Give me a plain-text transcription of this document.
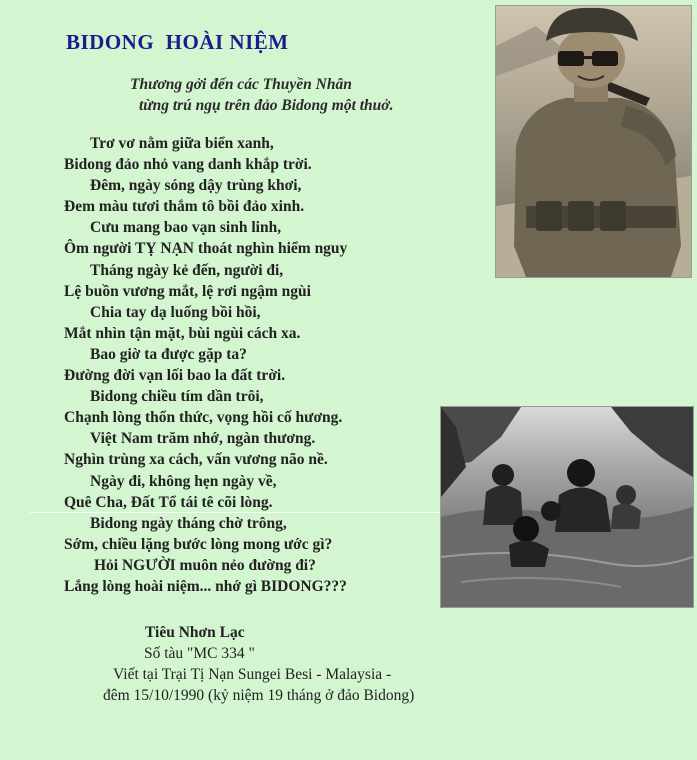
BIDONG  HOÀI NIỆM
Thương gởi đến các Thuyền Nhân
từng trú ngụ trên đảo Bidong một thuở.
Trơ vơ nằm giữa biển xanh,
Bidong đảo nhỏ vang danh khắp trời.
Đêm, ngày sóng dậy trùng khơi,
Đem màu tươi thắm tô bồi đảo xinh.
Cưu mang bao vạn sinh linh,
Ôm người TỴ NẠN thoát nghìn hiểm nguy
Tháng ngày kẻ đến, người đi,
Lệ buồn vương mắt, lệ rơi ngậm ngùi
Chia tay dạ luống bồi hồi,
Mắt nhìn tận mặt, bùi ngùi cách xa.
Bao giờ ta được gặp ta?
Đường đời vạn lối bao la đất trời.
Bidong chiều tím dần trôi,
Chạnh lòng thổn thức, vọng hồi cố hương.
Việt Nam trăm nhớ, ngàn thương.
Nghìn trùng xa cách, vấn vương não nề.
Ngày đi, không hẹn ngày về,
Quê Cha, Đất Tổ tái tê cõi lòng.
Bidong ngày tháng chờ trông,
Sớm, chiều lặng bước lòng mong ước gì?
Hỏi NGƯỜI muôn nẻo đường đi?
Lắng lòng hoài niệm... nhớ gì BIDONG???
Tiêu Nhơn Lạc
Số tàu "MC 334 "
Viết tại Trại Tị Nạn Sungei Besi - Malaysia -
đêm 15/10/1990 (kỷ niệm 19 tháng ở đảo Bidong)
